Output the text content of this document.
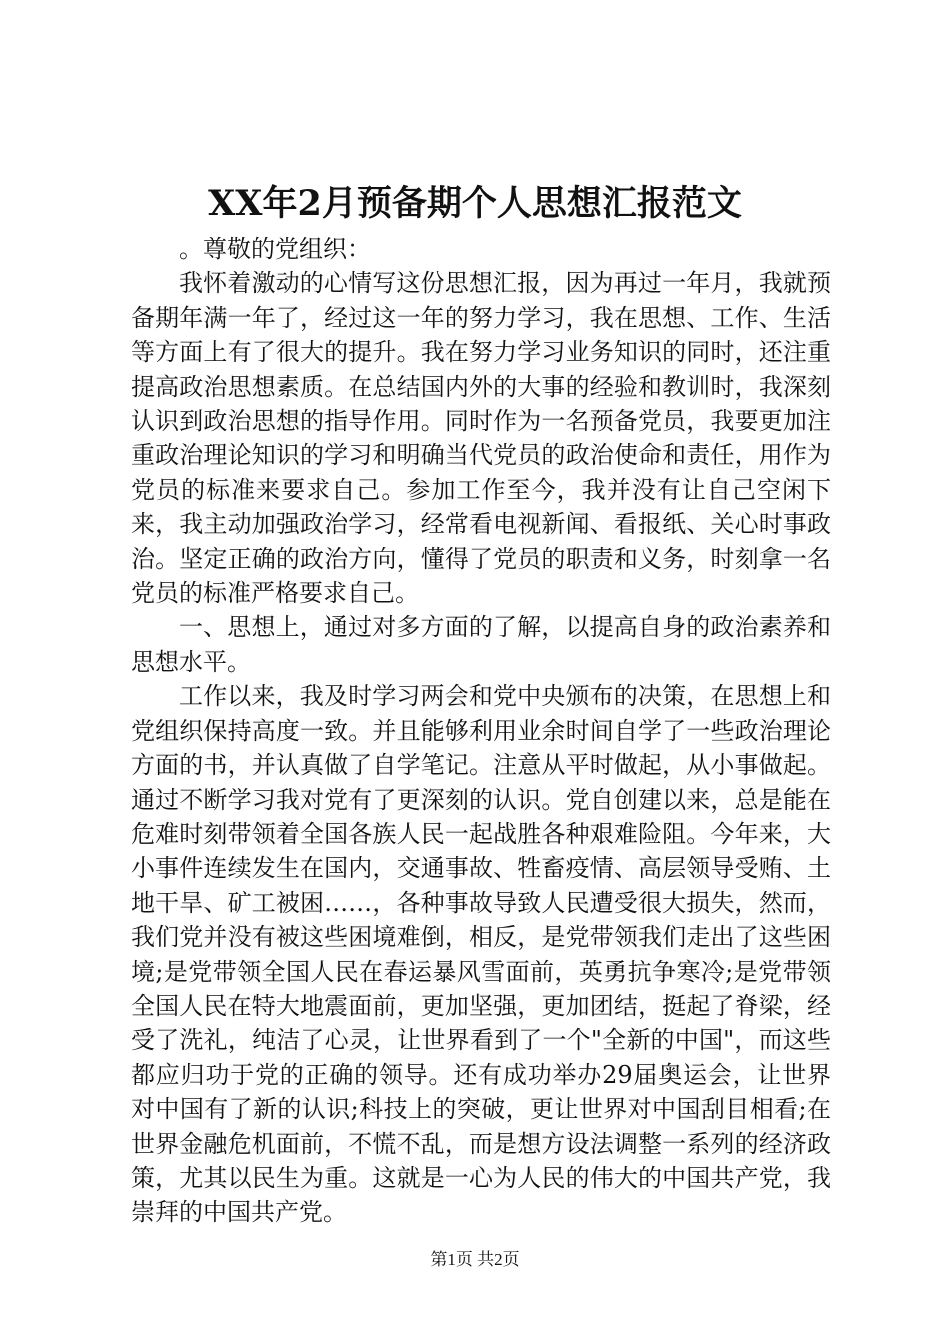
XX年2月预备期个人思想汇报范文

。尊敬的党组织：

我怀着激动的心情写这份思想汇报，因为再过一年月，我就预备期年满一年了，经过这一年的努力学习，我在思想、工作、生活等方面上有了很大的提升。我在努力学习业务知识的同时，还注重提高政治思想素质。在总结国内外的大事的经验和教训时，我深刻认识到政治思想的指导作用。同时作为一名预备党员，我要更加注重政治理论知识的学习和明确当代党员的政治使命和责任，用作为党员的标准来要求自己。参加工作至今，我并没有让自己空闲下来，我主动加强政治学习，经常看电视新闻、看报纸、关心时事政治。坚定正确的政治方向，懂得了党员的职责和义务，时刻拿一名党员的标准严格要求自己。

一、思想上，通过对多方面的了解，以提高自身的政治素养和思想水平。

工作以来，我及时学习两会和党中央颁布的决策，在思想上和党组织保持高度一致。并且能够利用业余时间自学了一些政治理论方面的书，并认真做了自学笔记。注意从平时做起，从小事做起。通过不断学习我对党有了更深刻的认识。党自创建以来，总是能在危难时刻带领着全国各族人民一起战胜各种艰难险阻。今年来，大小事件连续发生在国内，交通事故、牲畜疫情、高层领导受贿、土地干旱、矿工被困……，各种事故导致人民遭受很大损失，然而，我们党并没有被这些困境难倒，相反，是党带领我们走出了这些困境;是党带领全国人民在春运暴风雪面前，英勇抗争寒冷;是党带领全国人民在特大地震面前，更加坚强，更加团结，挺起了脊梁，经受了洗礼，纯洁了心灵，让世界看到了一个"全新的中国"，而这些都应归功于党的正确的领导。还有成功举办29届奥运会，让世界对中国有了新的认识;科技上的突破，更让世界对中国刮目相看;在世界金融危机面前，不慌不乱，而是想方设法调整一系列的经济政策，尤其以民生为重。这就是一心为人民的伟大的中国共产党，我崇拜的中国共产党。

第1页 共2页
